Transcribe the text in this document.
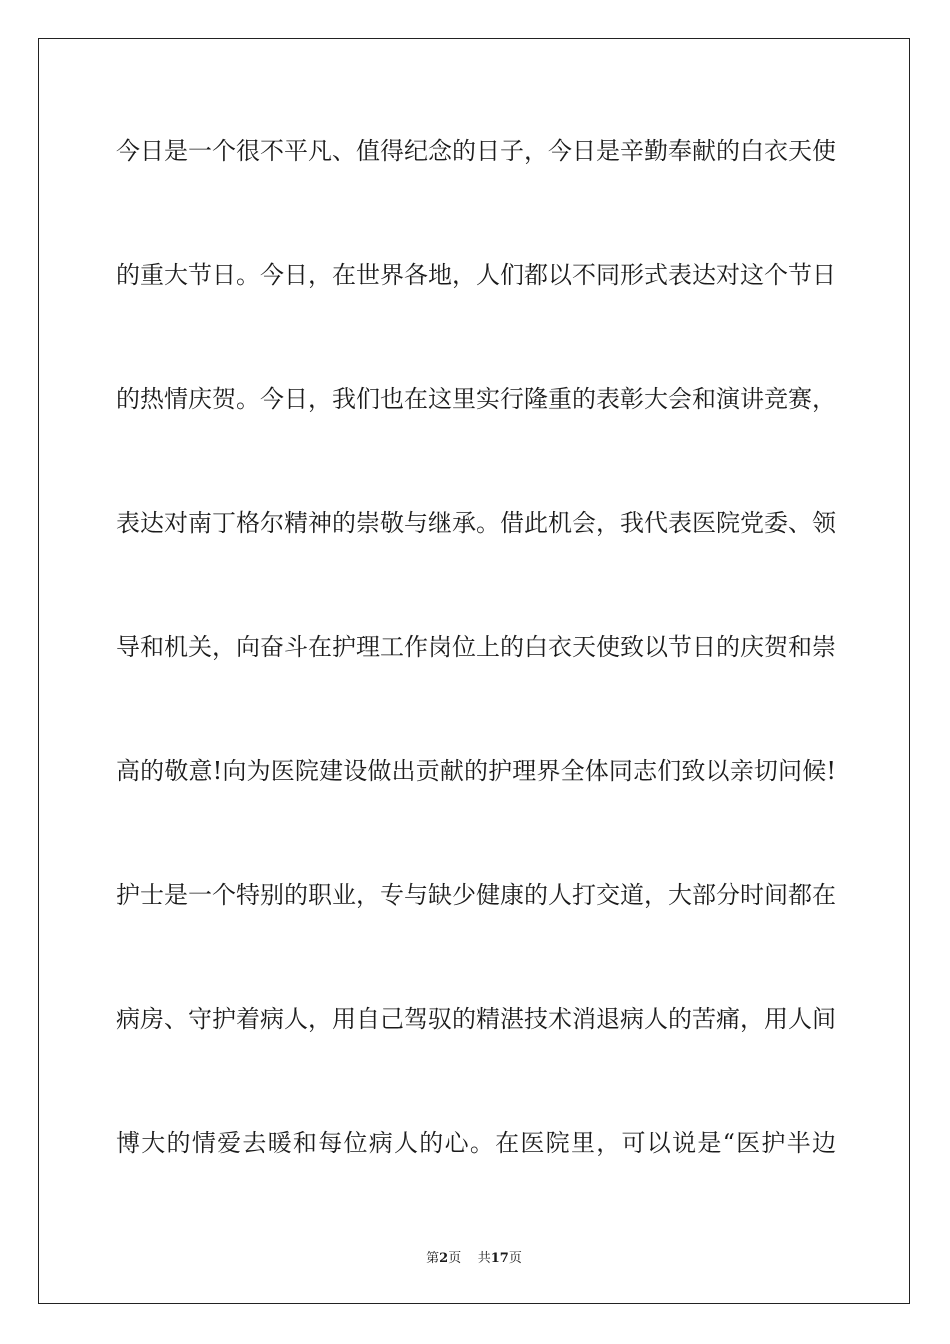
今日是一个很不平凡、值得纪念的日子，今日是辛勤奉献的白衣天使
的重大节日。今日，在世界各地，人们都以不同形式表达对这个节日
的热情庆贺。今日，我们也在这里实行隆重的表彰大会和演讲竞赛，
表达对南丁格尔精神的崇敬与继承。借此机会，我代表医院党委、领
导和机关，向奋斗在护理工作岗位上的白衣天使致以节日的庆贺和崇
高的敬意!向为医院建设做出贡献的护理界全体同志们致以亲切问候!
护士是一个特别的职业，专与缺少健康的人打交道，大部分时间都在
病房、守护着病人，用自己驾驭的精湛技术消退病人的苦痛，用人间
博大的情爱去暖和每位病人的心。在医院里，可以说是“医护半边
第2页 共17页
